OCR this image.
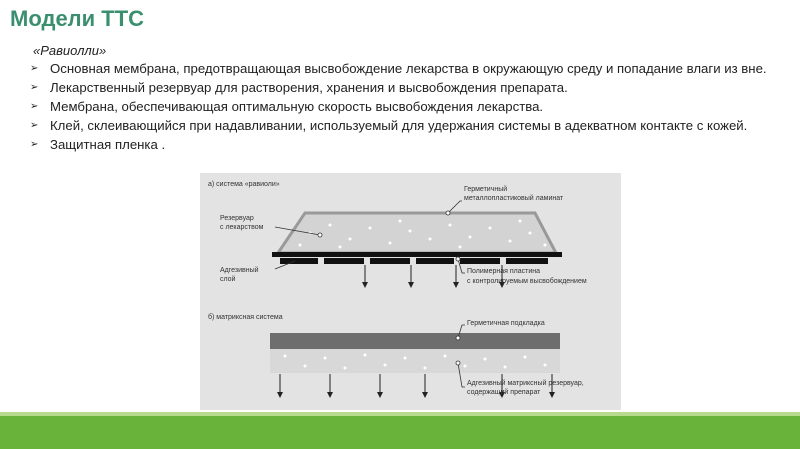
Модели ТТС
«Равиолли»
➢ Основная мембрана, предотвращающая высвобождение лекарства в окружающую среду и попадание влаги из вне.
➢ Лекарственный резервуар для растворения, хранения и высвобождения препарата.
➢ Мембрана, обеспечивающая оптимальную скорость высвобождения лекарства.
➢ Клей, склеивающийся при надавливании, используемый для удержания системы в адекватном контакте с кожей.
➢ Защитная пленка .
а) система «равиоли»
Герметичный
металлопластиковый ламинат
Резервуар
с лекарством
Адгезивный
слой
Полимерная пластина
с контролируемым высвобождением
б) матриксная система
Герметичная подкладка
Адгезивный матриксный резервуар,
содержащий препарат
